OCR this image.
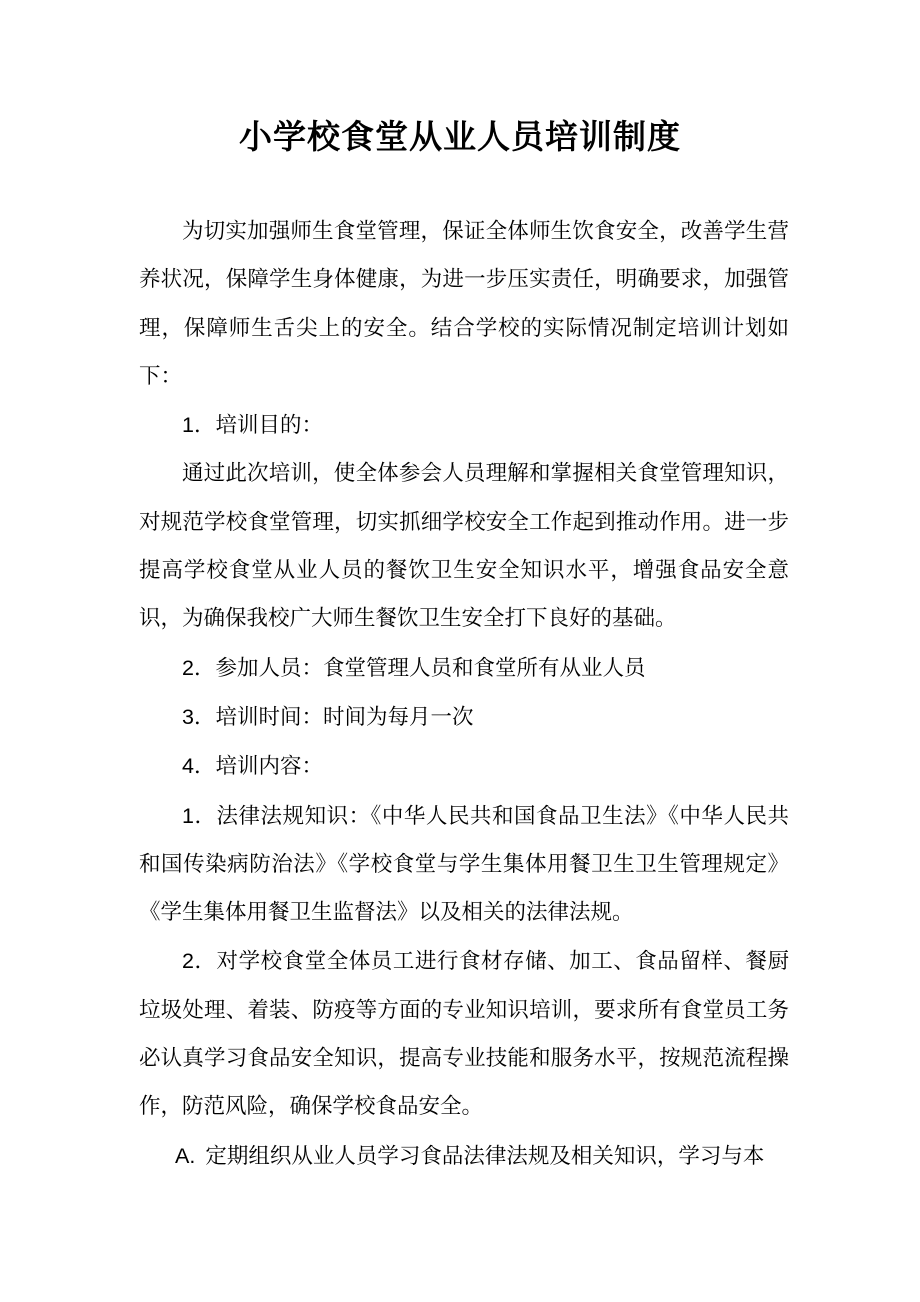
小学校食堂从业人员培训制度

为切实加强师生食堂管理，保证全体师生饮食安全，改善学生营养状况，保障学生身体健康，为进一步压实责任，明确要求，加强管理，保障师生舌尖上的安全。结合学校的实际情况制定培训计划如下：

1．培训目的：

通过此次培训，使全体参会人员理解和掌握相关食堂管理知识，对规范学校食堂管理，切实抓细学校安全工作起到推动作用。进一步提高学校食堂从业人员的餐饮卫生安全知识水平，增强食品安全意识，为确保我校广大师生餐饮卫生安全打下良好的基础。

2．参加人员：食堂管理人员和食堂所有从业人员

3．培训时间：时间为每月一次

4．培训内容：

1．法律法规知识：《中华人民共和国食品卫生法》《中华人民共和国传染病防治法》《学校食堂与学生集体用餐卫生卫生管理规定》《学生集体用餐卫生监督法》以及相关的法律法规。

2．对学校食堂全体员工进行食材存储、加工、食品留样、餐厨垃圾处理、着装、防疫等方面的专业知识培训，要求所有食堂员工务必认真学习食品安全知识，提高专业技能和服务水平，按规范流程操作，防范风险，确保学校食品安全。

A. 定期组织从业人员学习食品法律法规及相关知识，学习与本
